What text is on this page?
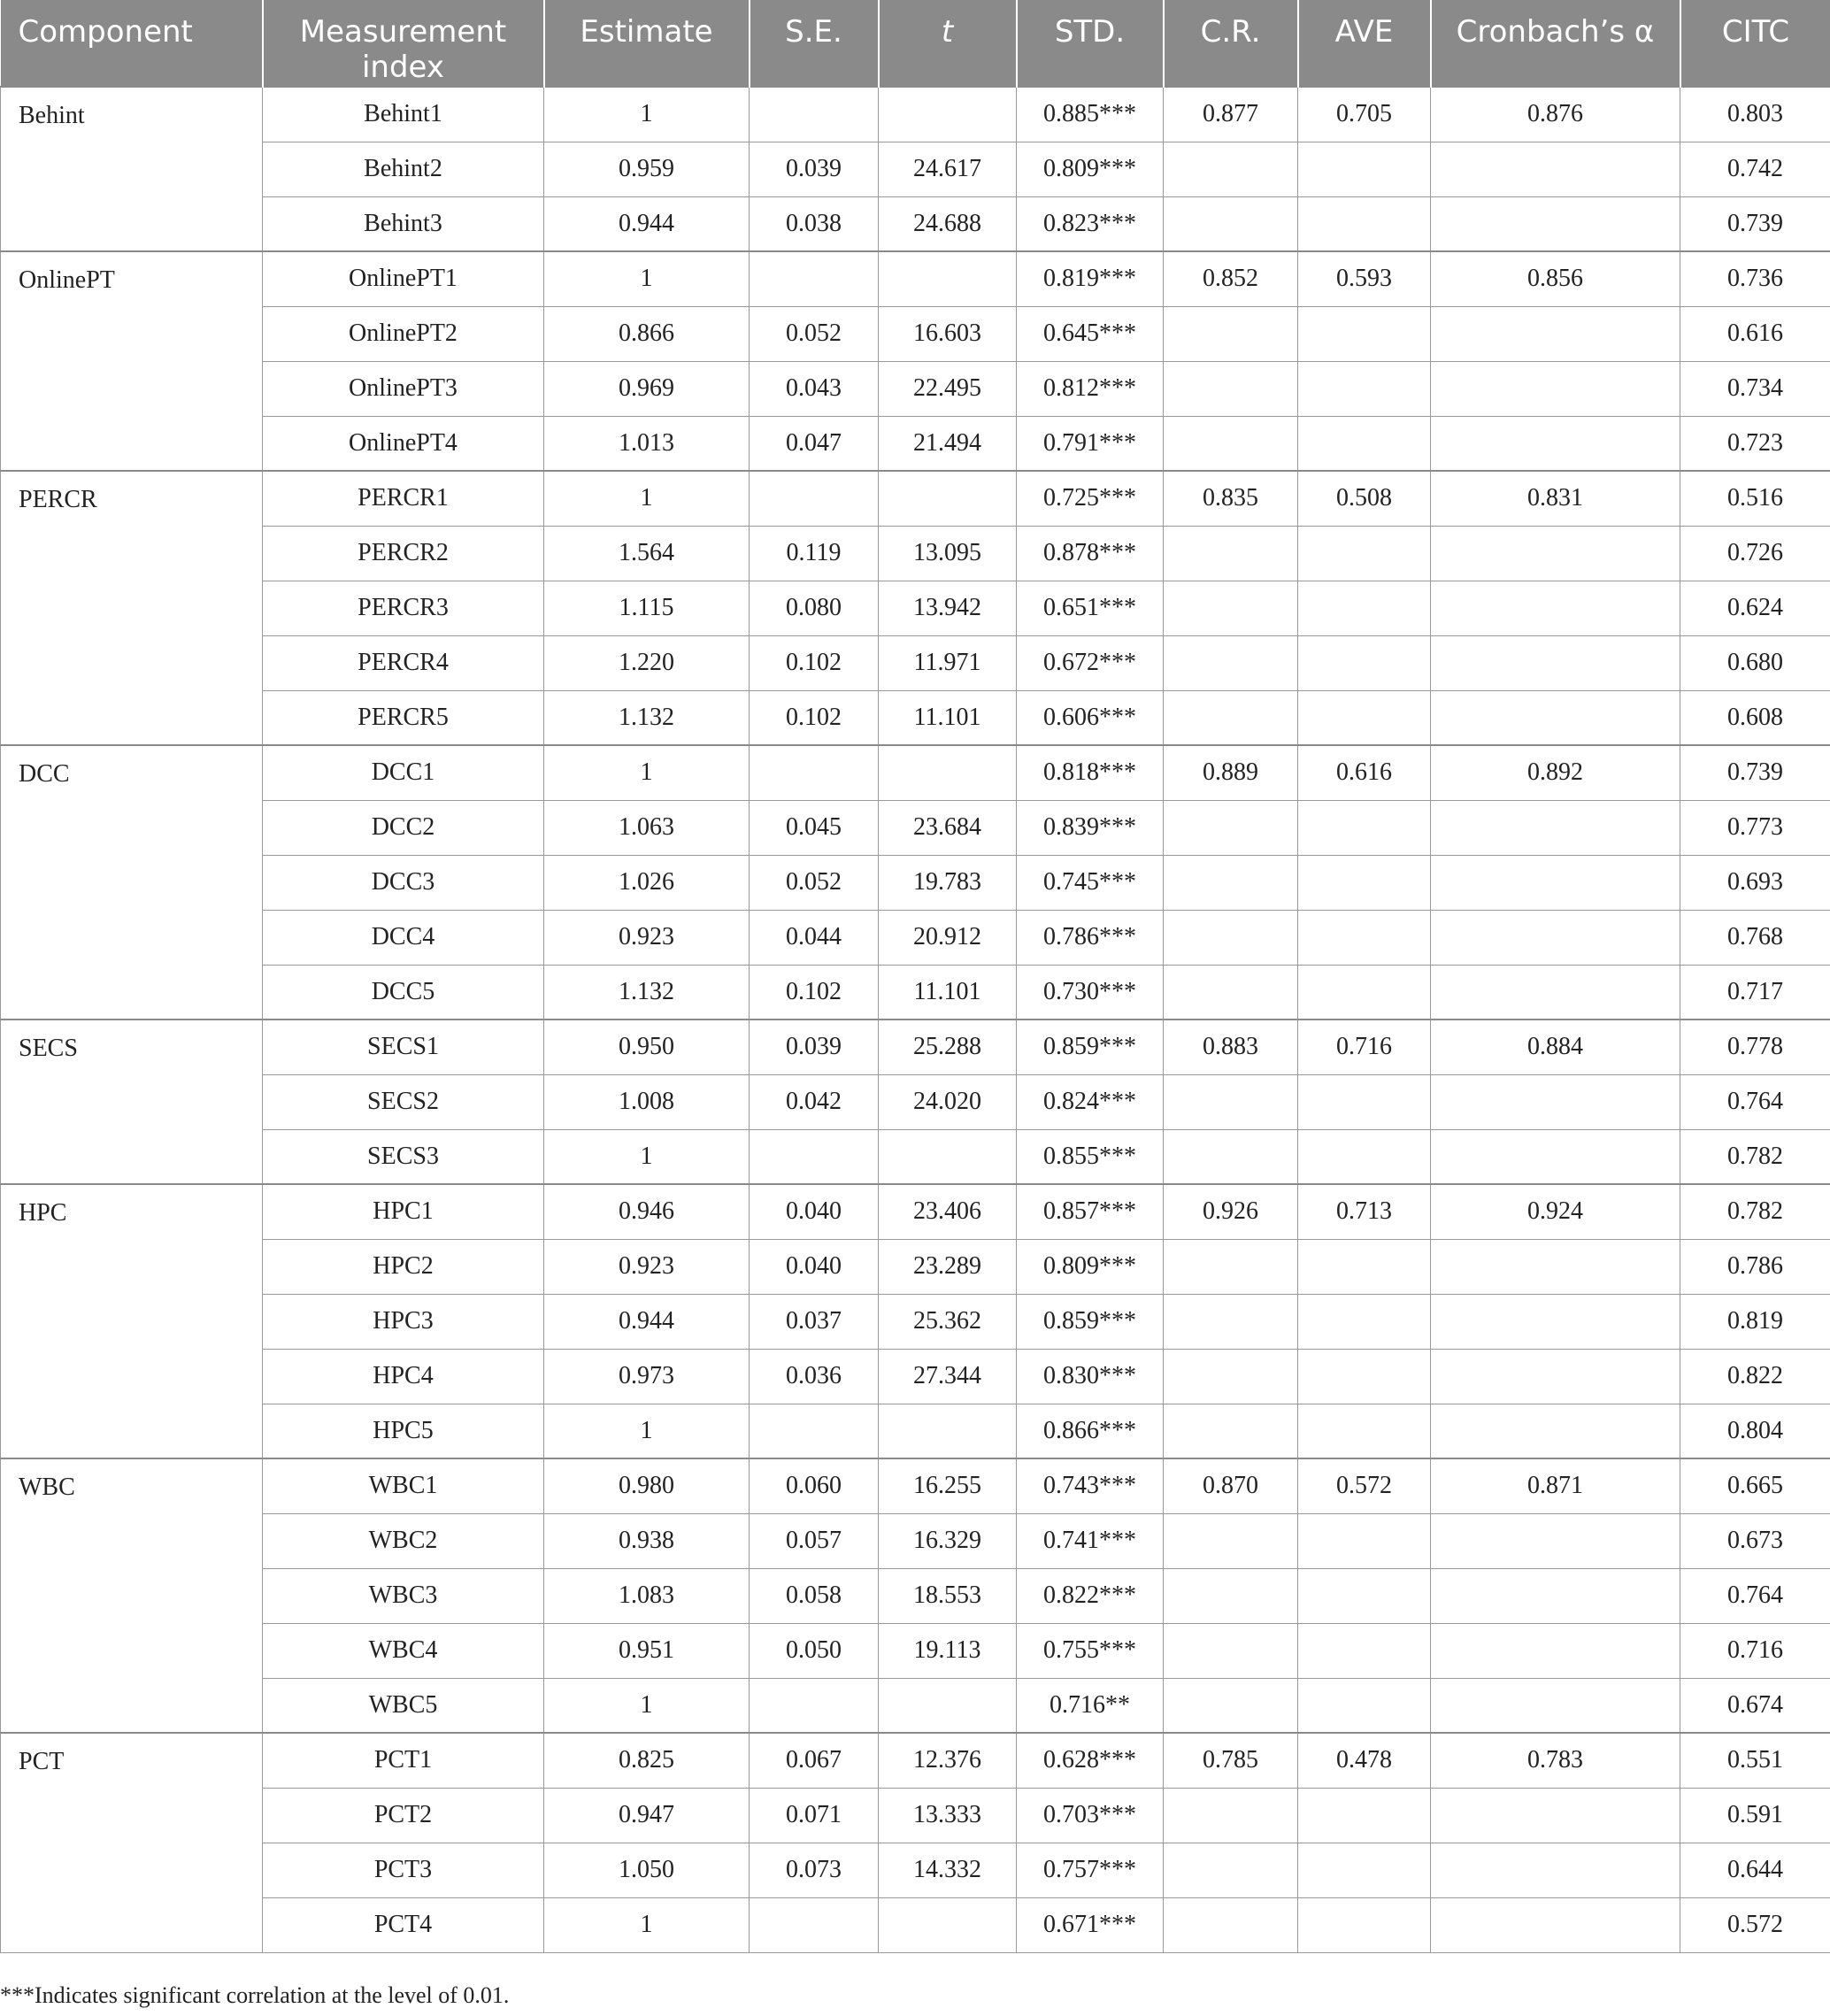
Component	Measurement index	Estimate	S.E.	t	STD.	C.R.	AVE	Cronbach’s α	CITC
Behint	Behint1	1			0.885***	0.877	0.705	0.876	0.803
	Behint2	0.959	0.039	24.617	0.809***				0.742
	Behint3	0.944	0.038	24.688	0.823***				0.739
OnlinePT	OnlinePT1	1			0.819***	0.852	0.593	0.856	0.736
	OnlinePT2	0.866	0.052	16.603	0.645***				0.616
	OnlinePT3	0.969	0.043	22.495	0.812***				0.734
	OnlinePT4	1.013	0.047	21.494	0.791***				0.723
PERCR	PERCR1	1			0.725***	0.835	0.508	0.831	0.516
	PERCR2	1.564	0.119	13.095	0.878***				0.726
	PERCR3	1.115	0.080	13.942	0.651***				0.624
	PERCR4	1.220	0.102	11.971	0.672***				0.680
	PERCR5	1.132	0.102	11.101	0.606***				0.608
DCC	DCC1	1			0.818***	0.889	0.616	0.892	0.739
	DCC2	1.063	0.045	23.684	0.839***				0.773
	DCC3	1.026	0.052	19.783	0.745***				0.693
	DCC4	0.923	0.044	20.912	0.786***				0.768
	DCC5	1.132	0.102	11.101	0.730***				0.717
SECS	SECS1	0.950	0.039	25.288	0.859***	0.883	0.716	0.884	0.778
	SECS2	1.008	0.042	24.020	0.824***				0.764
	SECS3	1			0.855***				0.782
HPC	HPC1	0.946	0.040	23.406	0.857***	0.926	0.713	0.924	0.782
	HPC2	0.923	0.040	23.289	0.809***				0.786
	HPC3	0.944	0.037	25.362	0.859***				0.819
	HPC4	0.973	0.036	27.344	0.830***				0.822
	HPC5	1			0.866***				0.804
WBC	WBC1	0.980	0.060	16.255	0.743***	0.870	0.572	0.871	0.665
	WBC2	0.938	0.057	16.329	0.741***				0.673
	WBC3	1.083	0.058	18.553	0.822***				0.764
	WBC4	0.951	0.050	19.113	0.755***				0.716
	WBC5	1			0.716**				0.674
PCT	PCT1	0.825	0.067	12.376	0.628***	0.785	0.478	0.783	0.551
	PCT2	0.947	0.071	13.333	0.703***				0.591
	PCT3	1.050	0.073	14.332	0.757***				0.644
	PCT4	1			0.671***				0.572
***Indicates significant correlation at the level of 0.01.
